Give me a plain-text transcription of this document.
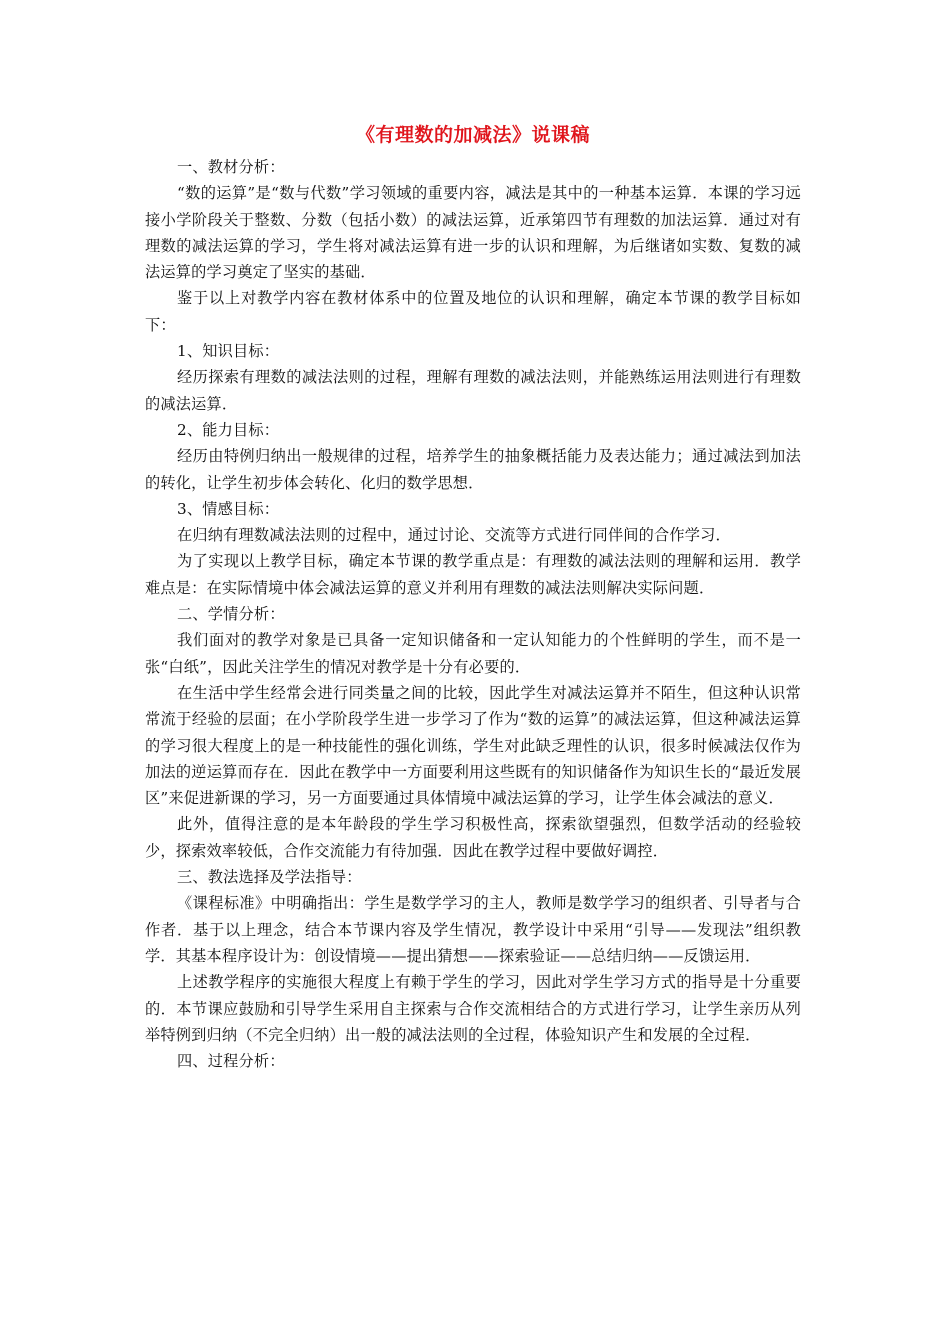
《有理数的加减法》说课稿

一、教材分析：

“数的运算”是“数与代数”学习领域的重要内容，减法是其中的一种基本运算．本课的学习远接小学阶段关于整数、分数（包括小数）的减法运算，近承第四节有理数的加法运算．通过对有理数的减法运算的学习，学生将对减法运算有进一步的认识和理解，为后继诸如实数、复数的减法运算的学习奠定了坚实的基础．

鉴于以上对教学内容在教材体系中的位置及地位的认识和理解，确定本节课的教学目标如下：

1、知识目标：

经历探索有理数的减法法则的过程，理解有理数的减法法则，并能熟练运用法则进行有理数的减法运算．

2、能力目标：

经历由特例归纳出一般规律的过程，培养学生的抽象概括能力及表达能力；通过减法到加法的转化，让学生初步体会转化、化归的数学思想．

3、情感目标：

在归纳有理数减法法则的过程中，通过讨论、交流等方式进行同伴间的合作学习．

为了实现以上教学目标，确定本节课的教学重点是：有理数的减法法则的理解和运用．教学难点是：在实际情境中体会减法运算的意义并利用有理数的减法法则解决实际问题．

二、学情分析：

我们面对的教学对象是已具备一定知识储备和一定认知能力的个性鲜明的学生，而不是一张“白纸”，因此关注学生的情况对教学是十分有必要的．

在生活中学生经常会进行同类量之间的比较，因此学生对减法运算并不陌生，但这种认识常常流于经验的层面；在小学阶段学生进一步学习了作为“数的运算”的减法运算，但这种减法运算的学习很大程度上的是一种技能性的强化训练，学生对此缺乏理性的认识，很多时候减法仅作为加法的逆运算而存在．因此在教学中一方面要利用这些既有的知识储备作为知识生长的“最近发展区”来促进新课的学习，另一方面要通过具体情境中减法运算的学习，让学生体会减法的意义．

此外，值得注意的是本年龄段的学生学习积极性高，探索欲望强烈，但数学活动的经验较少，探索效率较低，合作交流能力有待加强．因此在教学过程中要做好调控．

三、教法选择及学法指导：

《课程标准》中明确指出：学生是数学学习的主人，教师是数学学习的组织者、引导者与合作者．基于以上理念，结合本节课内容及学生情况，教学设计中采用“引导——发现法”组织教学．其基本程序设计为：创设情境——提出猜想——探索验证——总结归纳——反馈运用．

上述教学程序的实施很大程度上有赖于学生的学习，因此对学生学习方式的指导是十分重要的．本节课应鼓励和引导学生采用自主探索与合作交流相结合的方式进行学习，让学生亲历从列举特例到归纳（不完全归纳）出一般的减法法则的全过程，体验知识产生和发展的全过程．

四、过程分析：
